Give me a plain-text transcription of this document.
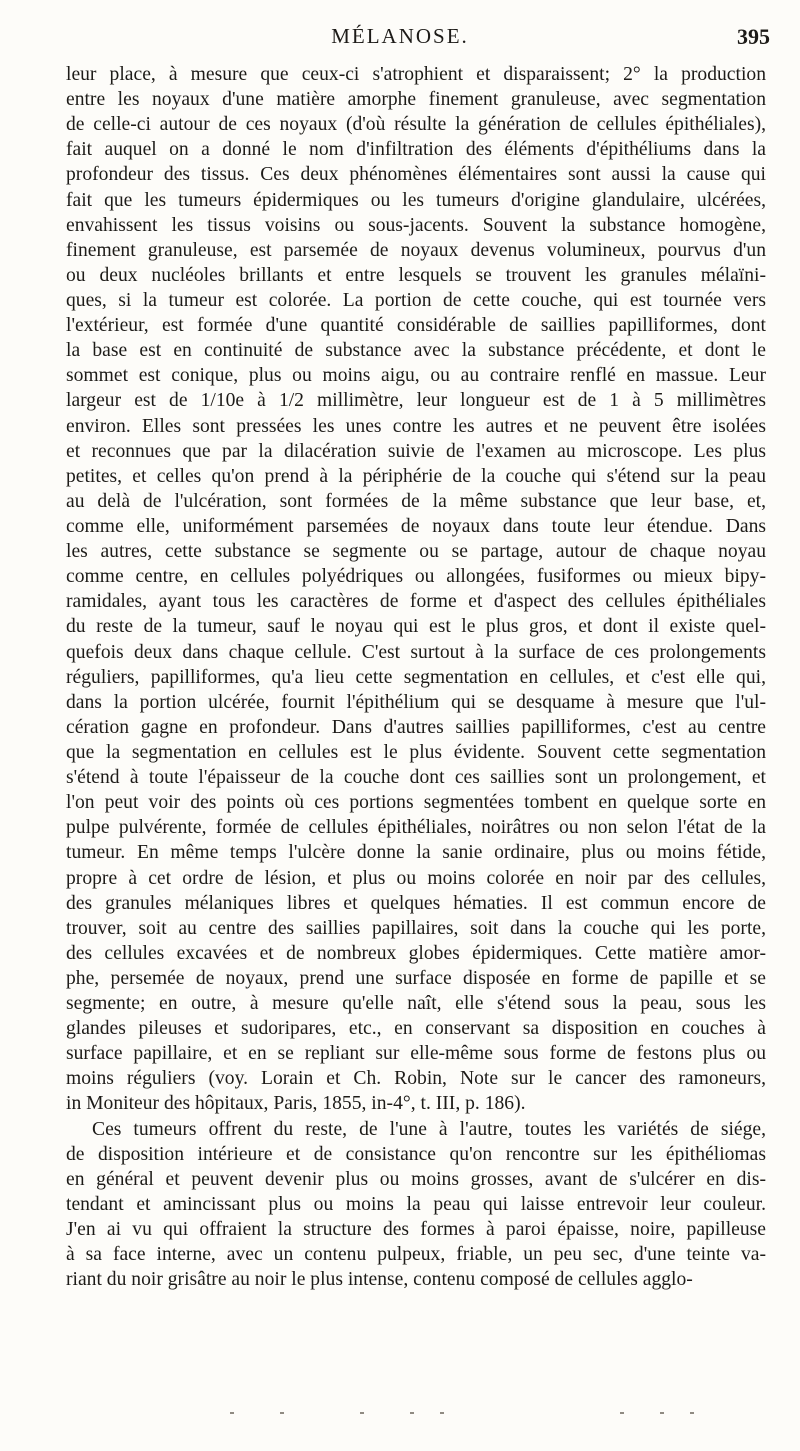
MÉLANOSE.	395
leur place, à mesure que ceux-ci s'atrophient et disparaissent; 2° la production
entre les noyaux d'une matière amorphe finement granuleuse, avec segmentation
de celle-ci autour de ces noyaux (d'où résulte la génération de cellules épithéliales),
fait auquel on a donné le nom d'infiltration des éléments d'épithéliums dans la
profondeur des tissus. Ces deux phénomènes élémentaires sont aussi la cause qui
fait que les tumeurs épidermiques ou les tumeurs d'origine glandulaire, ulcérées,
envahissent les tissus voisins ou sous-jacents. Souvent la substance homogène,
finement granuleuse, est parsemée de noyaux devenus volumineux, pourvus d'un
ou deux nucléoles brillants et entre lesquels se trouvent les granules mélaïni-
ques, si la tumeur est colorée. La portion de cette couche, qui est tournée vers
l'extérieur, est formée d'une quantité considérable de saillies papilliformes, dont
la base est en continuité de substance avec la substance précédente, et dont le
sommet est conique, plus ou moins aigu, ou au contraire renflé en massue. Leur
largeur est de 1/10e à 1/2 millimètre, leur longueur est de 1 à 5 millimètres
environ. Elles sont pressées les unes contre les autres et ne peuvent être isolées
et reconnues que par la dilacération suivie de l'examen au microscope. Les plus
petites, et celles qu'on prend à la périphérie de la couche qui s'étend sur la peau
au delà de l'ulcération, sont formées de la même substance que leur base, et,
comme elle, uniformément parsemées de noyaux dans toute leur étendue. Dans
les autres, cette substance se segmente ou se partage, autour de chaque noyau
comme centre, en cellules polyédriques ou allongées, fusiformes ou mieux bipy-
ramidales, ayant tous les caractères de forme et d'aspect des cellules épithéliales
du reste de la tumeur, sauf le noyau qui est le plus gros, et dont il existe quel-
quefois deux dans chaque cellule. C'est surtout à la surface de ces prolongements
réguliers, papilliformes, qu'a lieu cette segmentation en cellules, et c'est elle qui,
dans la portion ulcérée, fournit l'épithélium qui se desquame à mesure que l'ul-
cération gagne en profondeur. Dans d'autres saillies papilliformes, c'est au centre
que la segmentation en cellules est le plus évidente. Souvent cette segmentation
s'étend à toute l'épaisseur de la couche dont ces saillies sont un prolongement, et
l'on peut voir des points où ces portions segmentées tombent en quelque sorte en
pulpe pulvérente, formée de cellules épithéliales, noirâtres ou non selon l'état de la
tumeur. En même temps l'ulcère donne la sanie ordinaire, plus ou moins fétide,
propre à cet ordre de lésion, et plus ou moins colorée en noir par des cellules,
des granules mélaniques libres et quelques hématies. Il est commun encore de
trouver, soit au centre des saillies papillaires, soit dans la couche qui les porte,
des cellules excavées et de nombreux globes épidermiques. Cette matière amor-
phe, persemée de noyaux, prend une surface disposée en forme de papille et se
segmente; en outre, à mesure qu'elle naît, elle s'étend sous la peau, sous les
glandes pileuses et sudoripares, etc., en conservant sa disposition en couches à
surface papillaire, et en se repliant sur elle-même sous forme de festons plus ou
moins réguliers (voy. Lorain et Ch. Robin, Note sur le cancer des ramoneurs,
in Moniteur des hôpitaux, Paris, 1855, in-4°, t. III, p. 186).
Ces tumeurs offrent du reste, de l'une à l'autre, toutes les variétés de siége,
de disposition intérieure et de consistance qu'on rencontre sur les épithéliomas
en général et peuvent devenir plus ou moins grosses, avant de s'ulcérer en dis-
tendant et amincissant plus ou moins la peau qui laisse entrevoir leur couleur.
J'en ai vu qui offraient la structure des formes à paroi épaisse, noire, papilleuse
à sa face interne, avec un contenu pulpeux, friable, un peu sec, d'une teinte va-
riant du noir grisâtre au noir le plus intense, contenu composé de cellules agglo-
